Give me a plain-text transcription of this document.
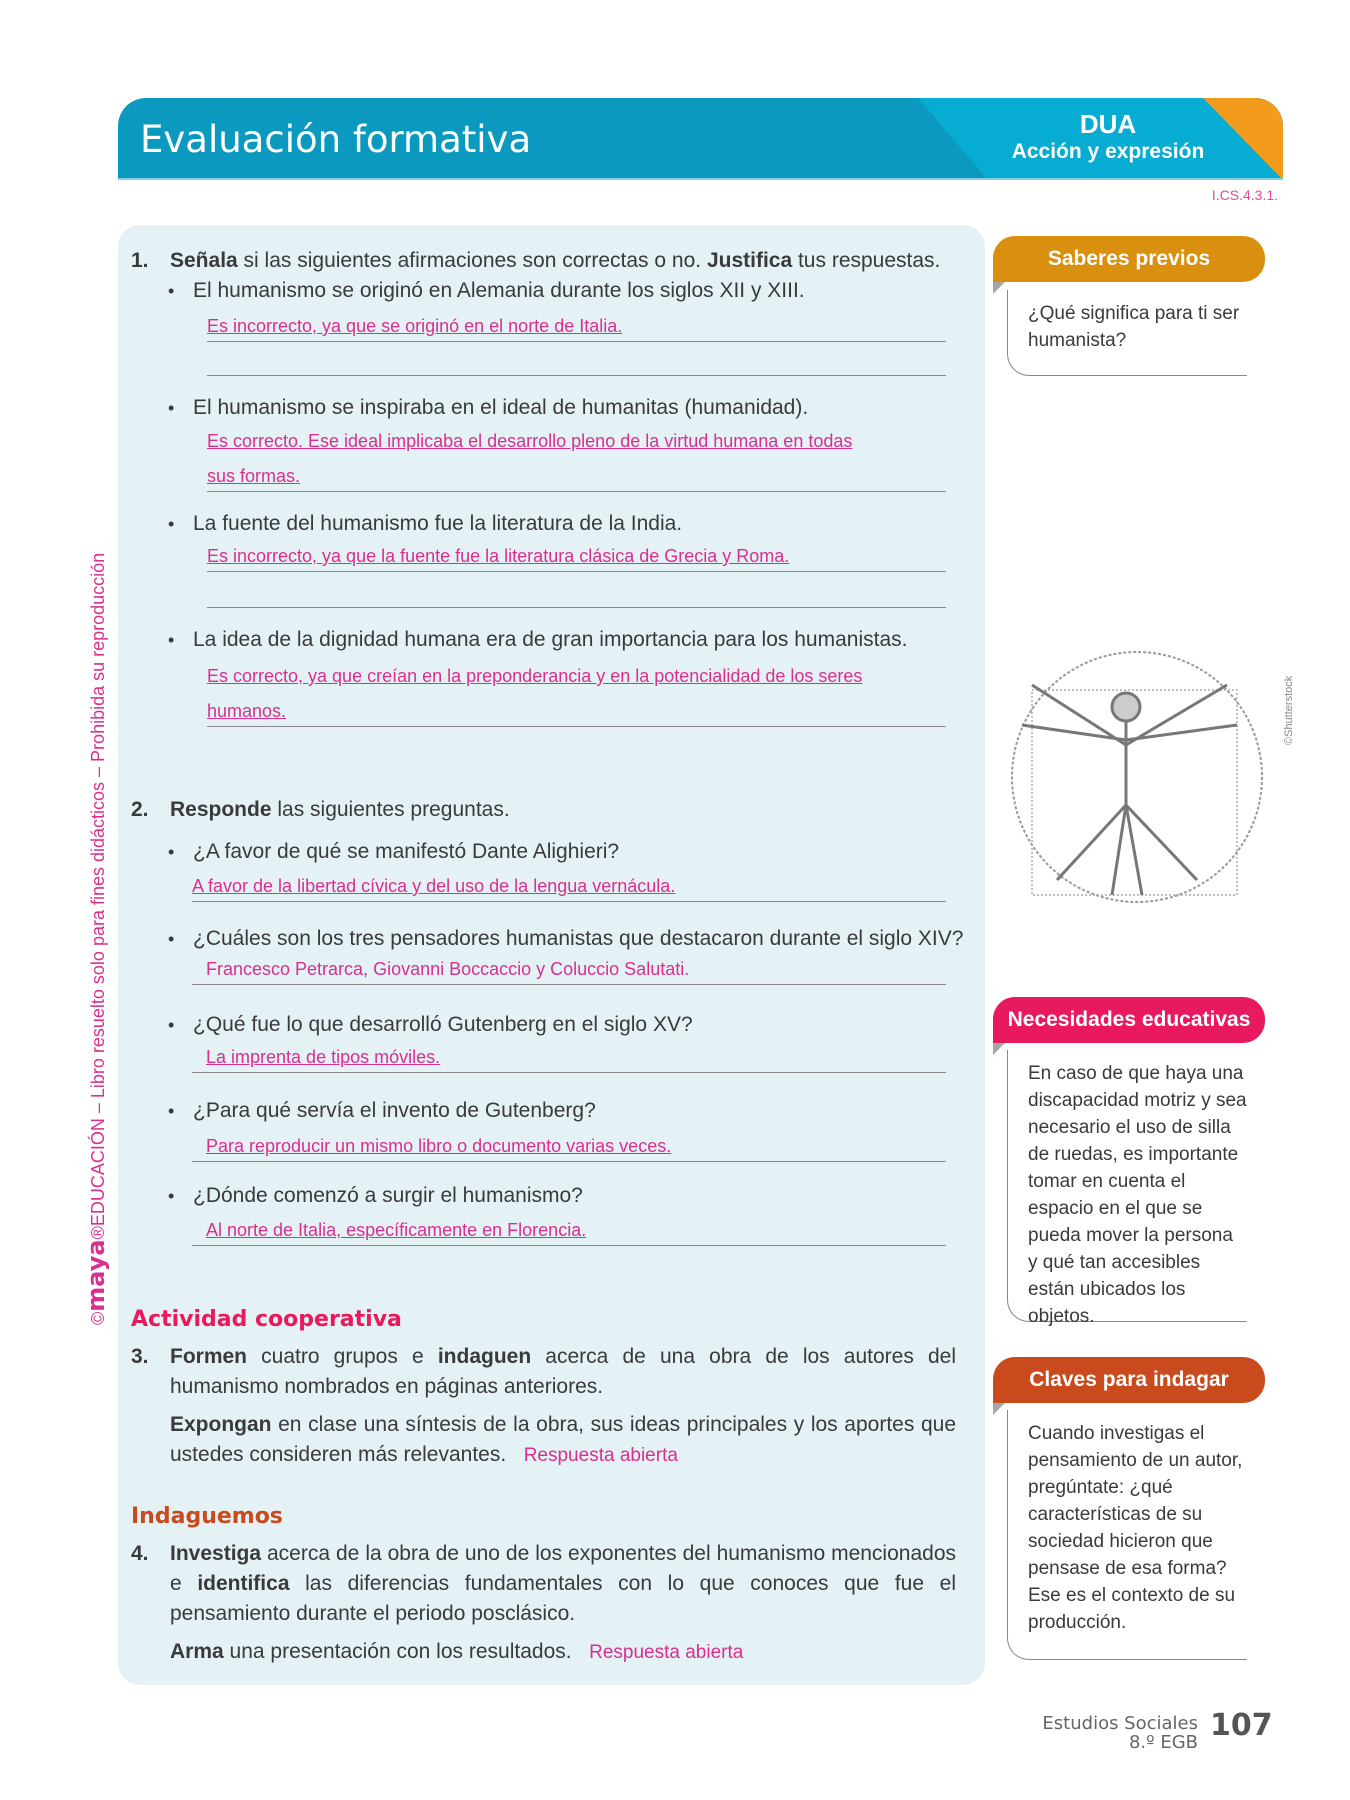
Evaluación formativa	DUA
Acción y expresión
I.CS.4.3.1.
©maya®EDUCACIÓN – Libro resuelto solo para fines didácticos – Prohibida su reproducción
1. Señala si las siguientes afirmaciones son correctas o no. Justifica tus respuestas.
• El humanismo se originó en Alemania durante los siglos XII y XIII.
Es incorrecto, ya que se originó en el norte de Italia.
• El humanismo se inspiraba en el ideal de humanitas (humanidad).
Es correcto. Ese ideal implicaba el desarrollo pleno de la virtud humana en todas
sus formas.
• La fuente del humanismo fue la literatura de la India.
Es incorrecto, ya que la fuente fue la literatura clásica de Grecia y Roma.
• La idea de la dignidad humana era de gran importancia para los humanistas.
Es correcto, ya que creían en la preponderancia y en la potencialidad de los seres
humanos.
2. Responde las siguientes preguntas.
• ¿A favor de qué se manifestó Dante Alighieri?
A favor de la libertad cívica y del uso de la lengua vernácula.
• ¿Cuáles son los tres pensadores humanistas que destacaron durante el siglo XIV?
Francesco Petrarca, Giovanni Boccaccio y Coluccio Salutati.
• ¿Qué fue lo que desarrolló Gutenberg en el siglo XV?
La imprenta de tipos móviles.
• ¿Para qué servía el invento de Gutenberg?
Para reproducir un mismo libro o documento varias veces.
• ¿Dónde comenzó a surgir el humanismo?
Al norte de Italia, específicamente en Florencia.
Actividad cooperativa
3. Formen cuatro grupos e indaguen acerca de una obra de los autores del humanismo nombrados en páginas anteriores.
Expongan en clase una síntesis de la obra, sus ideas principales y los aportes que ustedes consideren más relevantes. Respuesta abierta
Indaguemos
4. Investiga acerca de la obra de uno de los exponentes del humanismo mencionados e identifica las diferencias fundamentales con lo que conoces que fue el pensamiento durante el periodo posclásico.
Arma una presentación con los resultados. Respuesta abierta
Saberes previos
¿Qué significa para ti ser humanista?
©Shutterstock
Necesidades educativas
En caso de que haya una discapacidad motriz y sea necesario el uso de silla de ruedas, es importante tomar en cuenta el espacio en el que se pueda mover la persona y qué tan accesibles están ubicados los objetos.
Claves para indagar
Cuando investigas el pensamiento de un autor, pregúntate: ¿qué características de su sociedad hicieron que pensase de esa forma? Ese es el contexto de su producción.
Estudios Sociales
8.º EGB 107
